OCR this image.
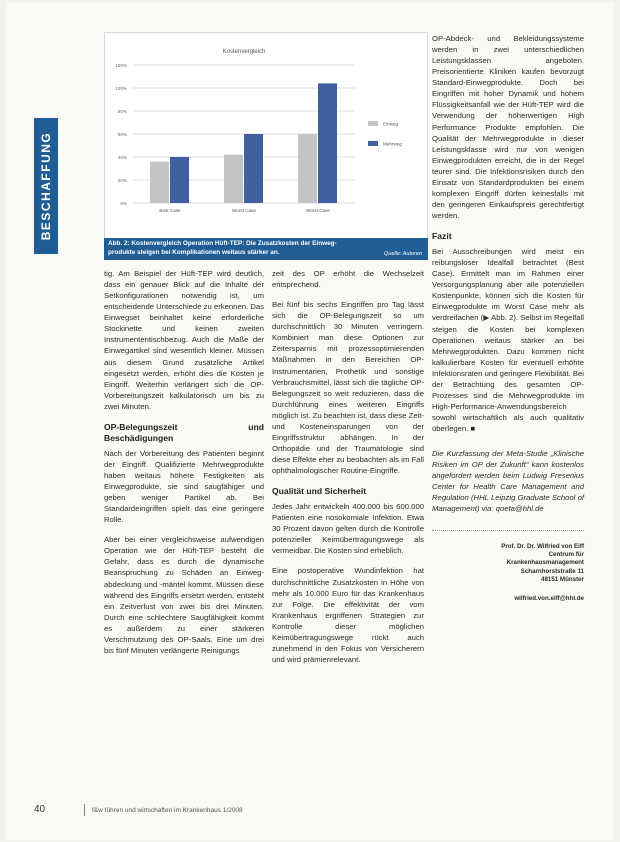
BESCHAFFUNG
Kostenvergleich
0%
20%
40%
60%
80%
100%
120%
Best Case	Worst Case	Worst Case
Einweg
Mehrweg
Abb. 2: Kostenvergleich Operation Hüft-TEP: Die Zusatzkosten der Einwegprodukte steigen bei Komplikationen weitaus stärker an.	Quelle: Autoren

tig. Am Beispiel der Hüft-TEP wird deutlich, dass ein genauer Blick auf die Inhalte der Setkonfigurationen notwendig ist, um entscheidende Unterschiede zu erkennen. Das Einwegset beinhaltet keine erforderliche Stockinette und keinen zweiten Instrumententischbezug. Auch die Maße der Einwegartikel sind wesentlich kleiner. Müssen aus diesem Grund zusätzliche Artikel eingesetzt werden, erhöht dies die Kosten je Eingriff. Weiterhin verlängert sich die OP-Vorbereitungszeit kalkulatorisch um bis zu zwei Minuten.

OP-Belegungszeit und Beschädigungen

Nach der Vorbereitung des Patienten beginnt der Eingriff. Qualifizierte Mehrwegprodukte haben weitaus höhere Festigkeiten als Einwegprodukte, sie sind saugfähiger und geben weniger Partikel ab. Bei Standardeingriffen spielt das eine geringere Rolle.

Aber bei einer vergleichsweise aufwendigen Operation wie der Hüft-TEP besteht die Gefahr, dass es durch die dynamische Beanspruchung zu Schäden an Einwegabdeckung und -mäntel kommt. Müssen diese während des Eingriffs ersetzt werden, entsteht ein Zeitverlust von zwei bis drei Minuten. Durch eine schlechtere Saugfähigkeit kommt es außerdem zu einer stärkeren Verschmutzung des OP-Saals. Eine um drei bis fünf Minuten verlängerte Reinigungs

zeit des OP erhöht die Wechselzeit entsprechend.

Bei fünf bis sechs Eingriffen pro Tag lässt sich die OP-Belegungszeit so um durchschnittlich 30 Minuten verringern. Kombiniert man diese Optionen zur Zeitersparnis mit prozessoptimierenden Maßnahmen in den Bereichen OP-Instrumentarien, Prothetik und sonstige Verbrauchsmittel, lässt sich die tägliche OP-Belegungszeit so weit reduzieren, dass die Durchführung eines weiteren Eingriffs möglich ist. Zu beachten ist, dass diese Zeit- und Kosteneinsparungen von der Eingriffsstruktur abhängen. In der Orthopädie und der Traumatologie sind diese Effekte eher zu beobachten als im Fall ophthalmologischer Routine-Eingriffe.

Qualität und Sicherheit

Jedes Jahr entwickeln 400.000 bis 600.000 Patienten eine nosokomiale Infektion. Etwa 30 Prozent davon gelten durch die Kontrolle potenzieller Keimübertragungswege als vermeidbar. Die Kosten sind erheblich.

Eine postoperative Wundinfektion hat durchschnittliche Zusatzkosten in Höhe von mehr als 10.000 Euro für das Krankenhaus zur Folge. Die effektivität der vom Krankenhaus ergriffenen Strategien zur Kontrolle dieser möglichen Keimübertragungswege rückt auch zunehmend in den Fokus von Versicherern und wird prämienrelevant.

OP-Abdeck- und Bekleidungssysteme werden in zwei unterschiedlichen Leistungsklassen angeboten. Preisorientierte Kliniken kaufen bevorzugt Standard-Einwegprodukte. Doch bei Eingriffen mit hoher Dynamik und hohem Flüssigkeitsanfall wie der Hüft-TEP wird die Verwendung der höherwertigen High Performance Produkte empfohlen. Die Qualität der Mehrwegprodukte in dieser Leistungsklasse wird nur von wenigen Einwegprodukten erreicht, die in der Regel teurer sind. Die Infektionsrisiken durch den Einsatz von Standardprodukten bei einem komplexen Eingriff dürfen keinesfalls mit den geringeren Einkaufspreis gerechtfertigt werden.

Fazit

Bei Ausschreibungen wird meist ein reibungsloser Idealfall betrachtet (Best Case). Ermittelt man im Rahmen einer Versorgungsplanung aber alle potenziellen Kostenpunkte, können sich die Kosten für Einwegprodukte im Worst Case mehr als verdreifachen (▶ Abb. 2). Selbst im Regelfall steigen die Kosten bei komplexen Operationen weitaus stärker an bei Mehrwegprodukten. Dazu kommen nicht kalkulierbare Kosten für eventuell erhöhte Infektionsraten und geringere Flexibilität. Bei der Betrachtung des gesamten OP-Prozesses sind die Mehrwegprodukte im High-Performance-Anwendungsbereich sowohl wirtschaftlich als auch qualitativ überlegen. ■

Die Kurzfassung der Meta-Studie „Klinische Risiken im OP der Zukunft“ kann kostenlos angefordert werden beim Ludwig Fresenius Center for Health Care Management and Regulation (HHL Leipzig Graduate School of Management) via: qoeta@hhl.de

Prof. Dr. Dr. Wilfried von Eiff
Centrum für
Krankenhausmanagement
Scharnhorststraße 11
48151 Münster
wilfried.von.eiff@hhl.de
40	f&w führen und wirtschaften im Krankenhaus 1/2008
